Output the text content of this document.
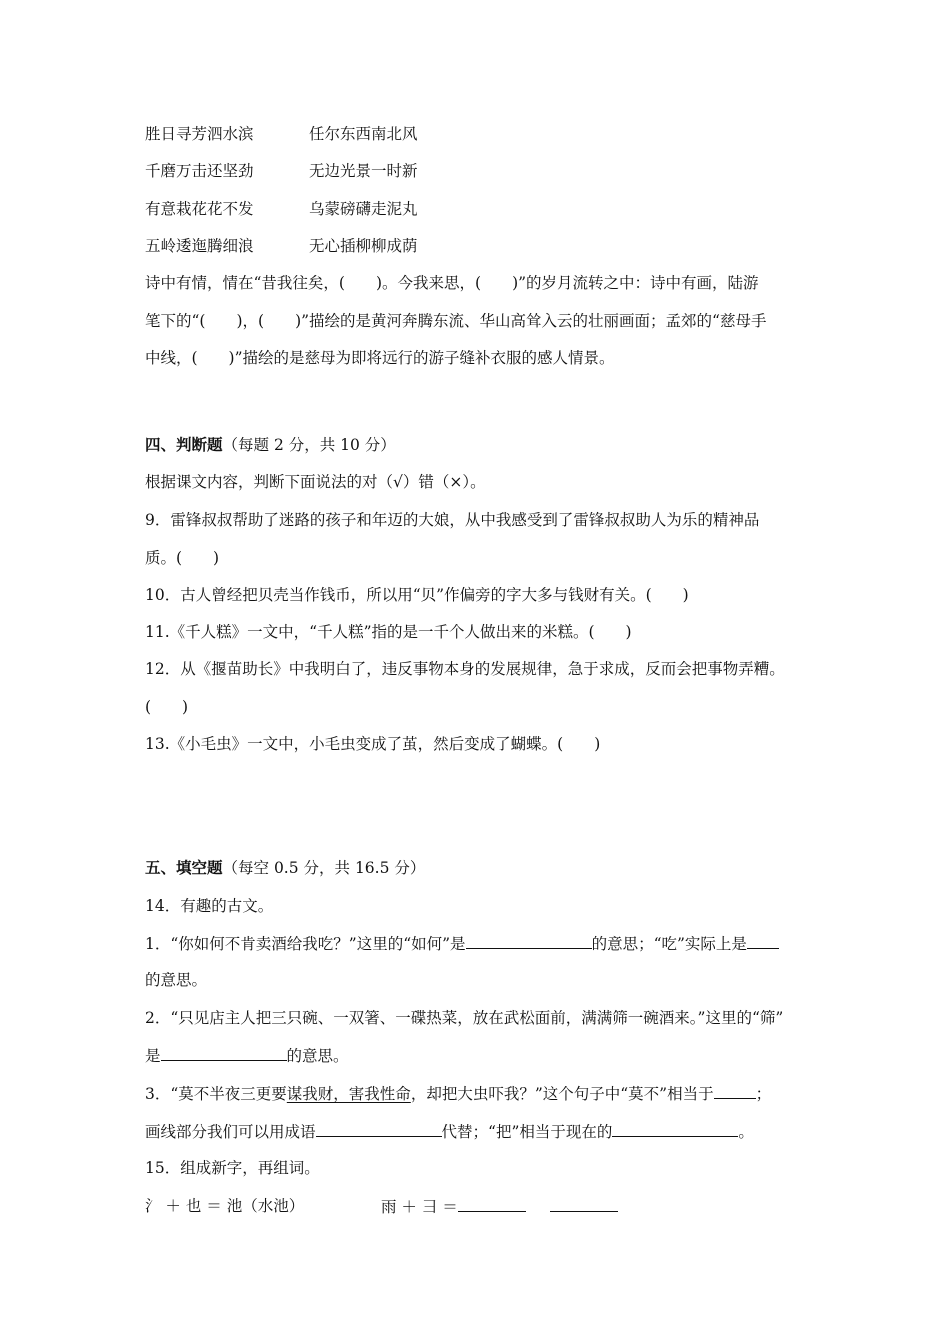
胜日寻芳泗水滨	任尔东西南北风
千磨万击还坚劲	无边光景一时新
有意栽花花不发	乌蒙磅礴走泥丸
五岭逶迤腾细浪	无心插柳柳成荫
诗中有情，情在“昔我往矣，(　　)。今我来思，(　　)”的岁月流转之中：诗中有画，陆游
笔下的“(　　)，(　　)”描绘的是黄河奔腾东流、华山高耸入云的壮丽画面；孟郊的“慈母手
中线，(　　)”描绘的是慈母为即将远行的游子缝补衣服的感人情景。
四、判断题（每题 2 分，共 10 分）
根据课文内容，判断下面说法的对（√）错（×）。
9．雷锋叔叔帮助了迷路的孩子和年迈的大娘，从中我感受到了雷锋叔叔助人为乐的精神品
质。(　　)
10．古人曾经把贝壳当作钱币，所以用“贝”作偏旁的字大多与钱财有关。(　　)
11.《千人糕》一文中，“千人糕”指的是一千个人做出来的米糕。(　　)
12．从《揠苗助长》中我明白了，违反事物本身的发展规律，急于求成，反而会把事物弄糟。
(　　)
13.《小毛虫》一文中，小毛虫变成了茧，然后变成了蝴蝶。(　　)
五、填空题（每空 0.5 分，共 16.5 分）
14．有趣的古文。
1．“你如何不肯卖酒给我吃？”这里的“如何”是	的意思；“吃”实际上是
的意思。
2．“只见店主人把三只碗、一双箸、一碟热菜，放在武松面前，满满筛一碗酒来。”这里的“筛”
是	的意思。
3．“莫不半夜三更要谋我财，害我性命，却把大虫吓我？”这个句子中“莫不”相当于	；
画线部分我们可以用成语	代替；“把”相当于现在的	。
15．组成新字，再组词。
氵 ＋ 也 ＝ 池（水池）	雨 ＋ 彐 ＝
